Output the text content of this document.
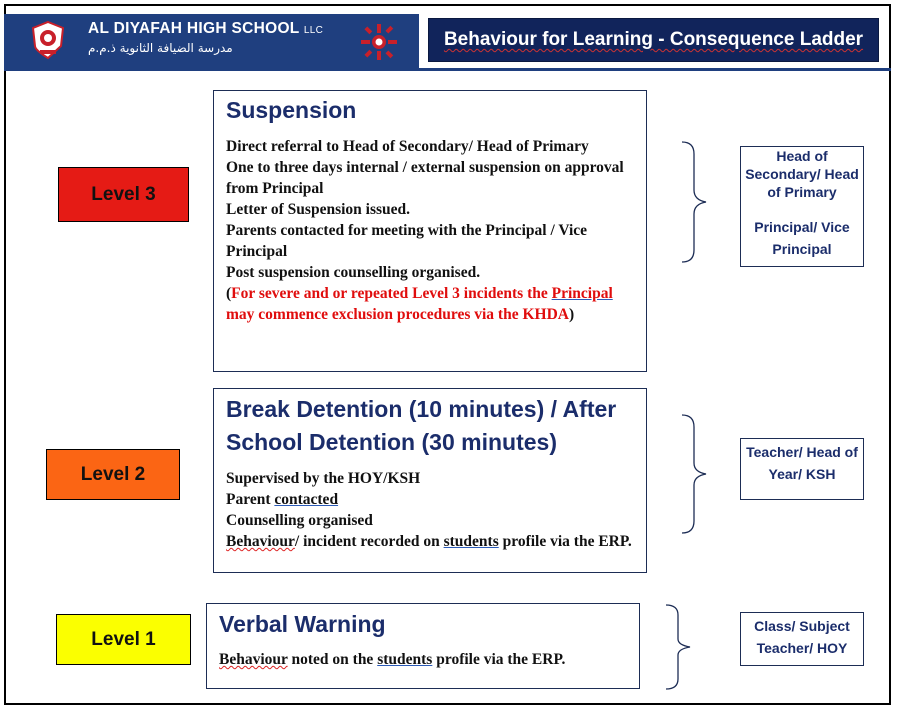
AL DIYAFAH HIGH SCHOOL LLC
مدرسة الضيافة الثانوية ذ.م.م	Behaviour for Learning - Consequence Ladder
Level 3
Level 2
Level 1
Suspension
Direct referral to Head of Secondary/ Head of Primary
One to three days internal / external suspension on approval from Principal
Letter of Suspension issued.
Parents contacted for meeting with the Principal / Vice Principal
Post suspension counselling organised.
(For severe and or repeated Level 3 incidents the Principal may commence exclusion procedures via the KHDA)
Break Detention (10 minutes) / After School Detention (30 minutes)
Supervised by the HOY/KSH
Parent contacted
Counselling organised
Behaviour/ incident recorded on students profile via the ERP.
Verbal Warning
Behaviour noted on the students profile via the ERP.
Head of Secondary/ Head of Primary
Principal/ Vice Principal
Teacher/ Head of Year/ KSH
Class/ Subject Teacher/ HOY
